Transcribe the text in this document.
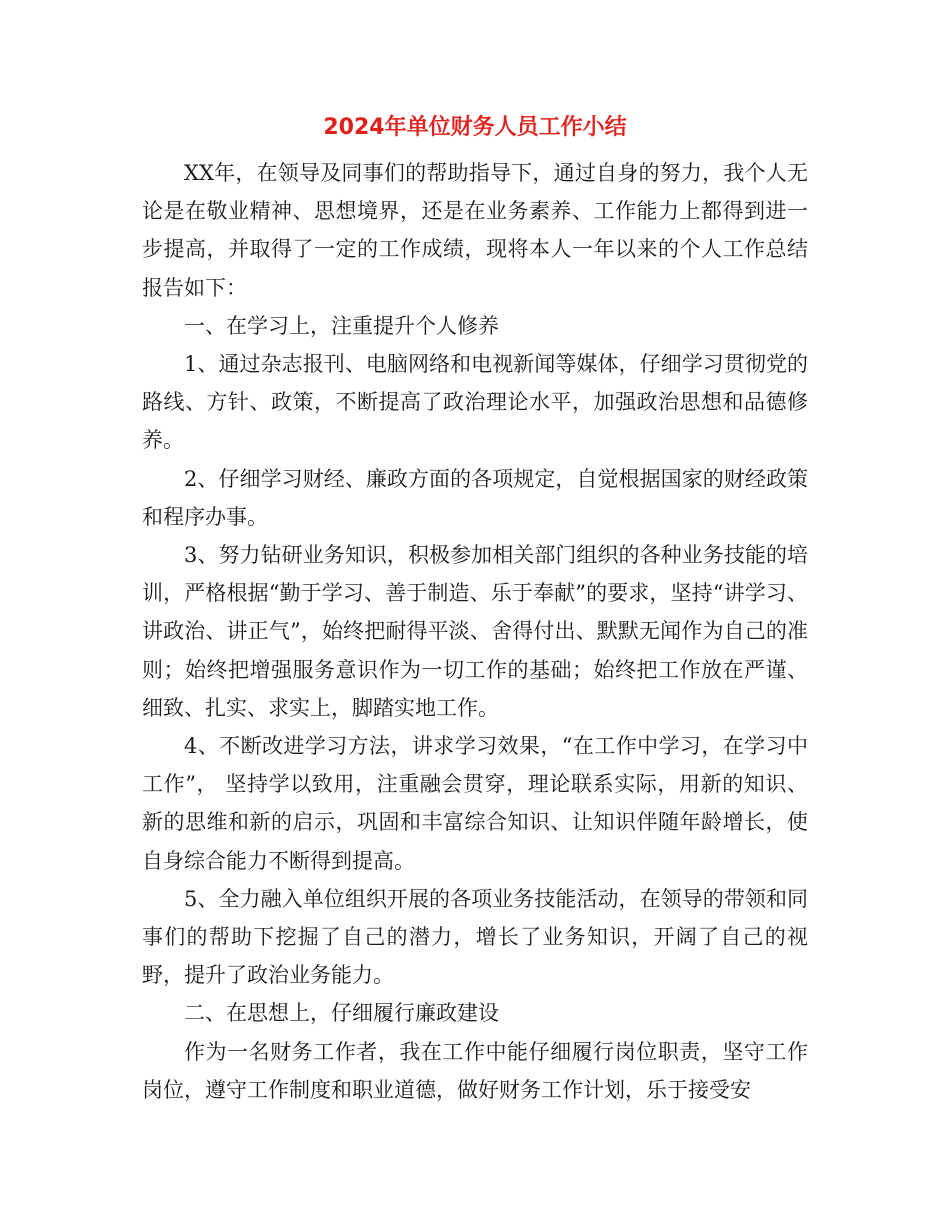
2024年单位财务人员工作小结

XX年，在领导及同事们的帮助指导下，通过自身的努力，我个人无论是在敬业精神、思想境界，还是在业务素养、工作能力上都得到进一步提高，并取得了一定的工作成绩，现将本人一年以来的个人工作总结报告如下：

一、在学习上，注重提升个人修养

1、通过杂志报刊、电脑网络和电视新闻等媒体，仔细学习贯彻党的路线、方针、政策，不断提高了政治理论水平，加强政治思想和品德修养。

2、仔细学习财经、廉政方面的各项规定，自觉根据国家的财经政策和程序办事。

3、努力钻研业务知识，积极参加相关部门组织的各种业务技能的培训，严格根据“勤于学习、善于制造、乐于奉献”的要求，坚持“讲学习、讲政治、讲正气”，始终把耐得平淡、舍得付出、默默无闻作为自己的准则；始终把增强服务意识作为一切工作的基础；始终把工作放在严谨、细致、扎实、求实上，脚踏实地工作。

4、不断改进学习方法，讲求学习效果，“在工作中学习，在学习中工作”， 坚持学以致用，注重融会贯穿，理论联系实际，用新的知识、新的思维和新的启示，巩固和丰富综合知识、让知识伴随年龄增长，使自身综合能力不断得到提高。

5、全力融入单位组织开展的各项业务技能活动，在领导的带领和同事们的帮助下挖掘了自己的潜力，增长了业务知识，开阔了自己的视野，提升了政治业务能力。

二、在思想上，仔细履行廉政建设

作为一名财务工作者，我在工作中能仔细履行岗位职责，坚守工作岗位，遵守工作制度和职业道德，做好财务工作计划，乐于接受安
